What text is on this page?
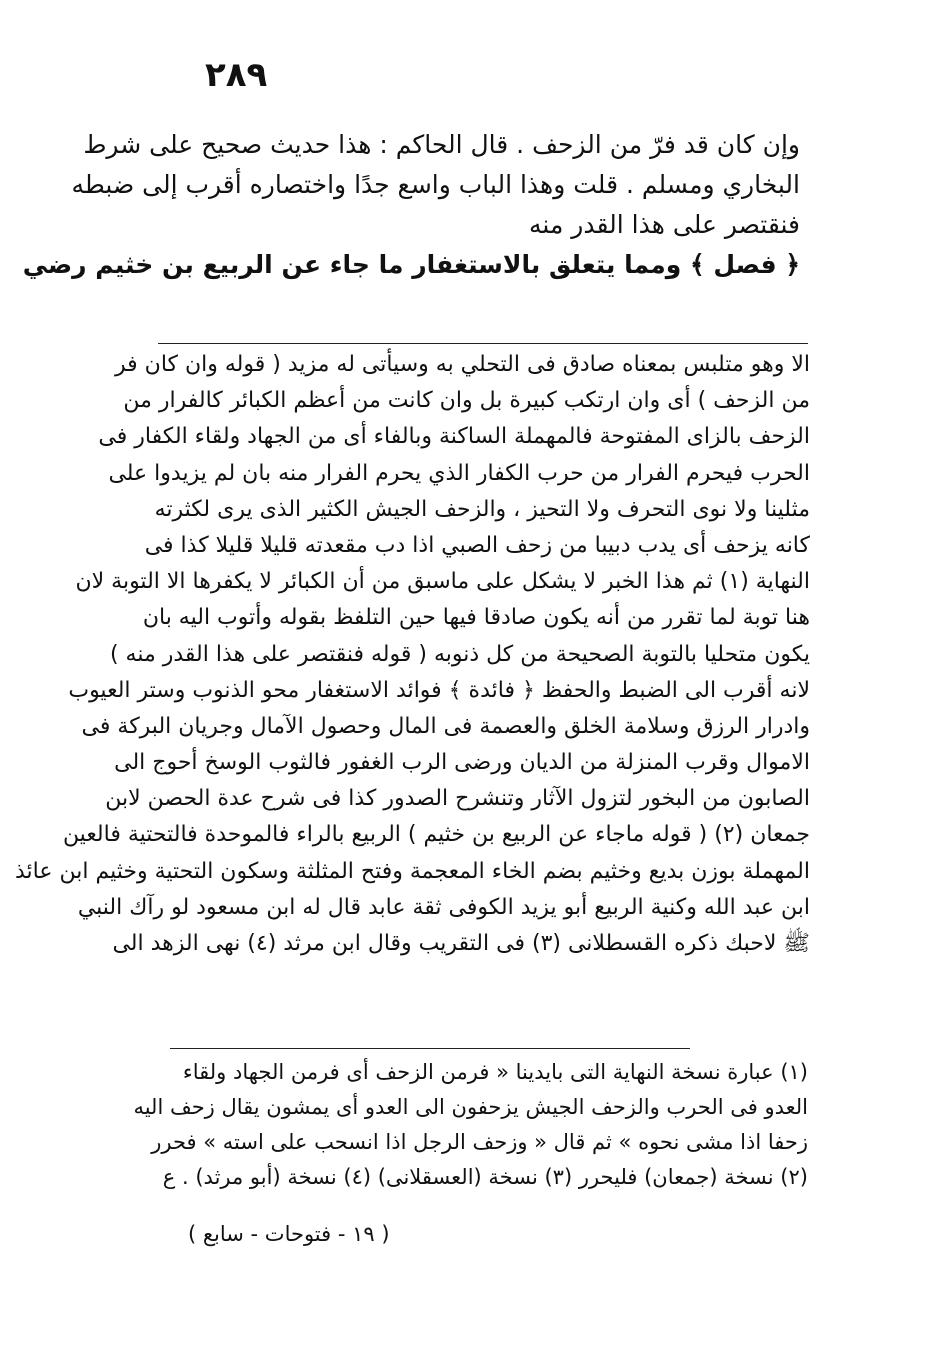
٢٨٩
وإن كان قد فرّ من الزحف . قال الحاكم : هذا حديث صحيح على شرط
البخاري ومسلم . قلت وهذا الباب واسع جدًا واختصاره أقرب إلى ضبطه
فنقتصر على هذا القدر منه
﴿ فصل ﴾ ومما يتعلق بالاستغفار ما جاء عن الربيع بن خثيم رضي
الا وهو متلبس بمعناه صادق فى التحلي به وسيأتى له مزيد ( قوله وان كان فر
من الزحف ) أى وان ارتكب كبيرة بل وان كانت من أعظم الكبائر كالفرار من
الزحف بالزاى المفتوحة فالمهملة الساكنة وبالفاء أى من الجهاد ولقاء الكفار فى
الحرب فيحرم الفرار من حرب الكفار الذي يحرم الفرار منه بان لم يزيدوا على
مثلينا ولا نوى التحرف ولا التحيز ، والزحف الجيش الكثير الذى يرى لكثرته
كانه يزحف أى يدب دبيبا من زحف الصبي اذا دب مقعدته قليلا قليلا كذا فى
النهاية (١) ثم هذا الخبر لا يشكل على ماسبق من أن الكبائر لا يكفرها الا التوبة لان
هنا توبة لما تقرر من أنه يكون صادقا فيها حين التلفظ بقوله وأتوب اليه بان
يكون متحليا بالتوبة الصحيحة من كل ذنوبه ( قوله فنقتصر على هذا القدر منه )
لانه أقرب الى الضبط والحفظ ﴿ فائدة ﴾ فوائد الاستغفار محو الذنوب وستر العيوب
وادرار الرزق وسلامة الخلق والعصمة فى المال وحصول الآمال وجريان البركة فى
الاموال وقرب المنزلة من الديان ورضى الرب الغفور فالثوب الوسخ أحوج الى
الصابون من البخور لتزول الآثار وتنشرح الصدور كذا فى شرح عدة الحصن لابن
جمعان (٢) ( قوله ماجاء عن الربيع بن خثيم ) الربيع بالراء فالموحدة فالتحتية فالعين
المهملة بوزن بديع وخثيم بضم الخاء المعجمة وفتح المثلثة وسكون التحتية وخثيم ابن عائذ
ابن عبد الله وكنية الربيع أبو يزيد الكوفى ثقة عابد قال له ابن مسعود لو رآك النبي
ﷺ لاحبك ذكره القسطلانى (٣) فى التقريب وقال ابن مرثد (٤) نهى الزهد الى
(١) عبارة نسخة النهاية التى بايدينا « فرمن الزحف أى فرمن الجهاد ولقاء
العدو فى الحرب والزحف الجيش يزحفون الى العدو أى يمشون يقال زحف اليه
زحفا اذا مشى نحوه » ثم قال « وزحف الرجل اذا انسحب على استه » فحرر
(٢) نسخة (جمعان) فليحرر (٣) نسخة (العسقلانى) (٤) نسخة (أبو مرثد) . ع
( ١٩ - فتوحات - سابع )
